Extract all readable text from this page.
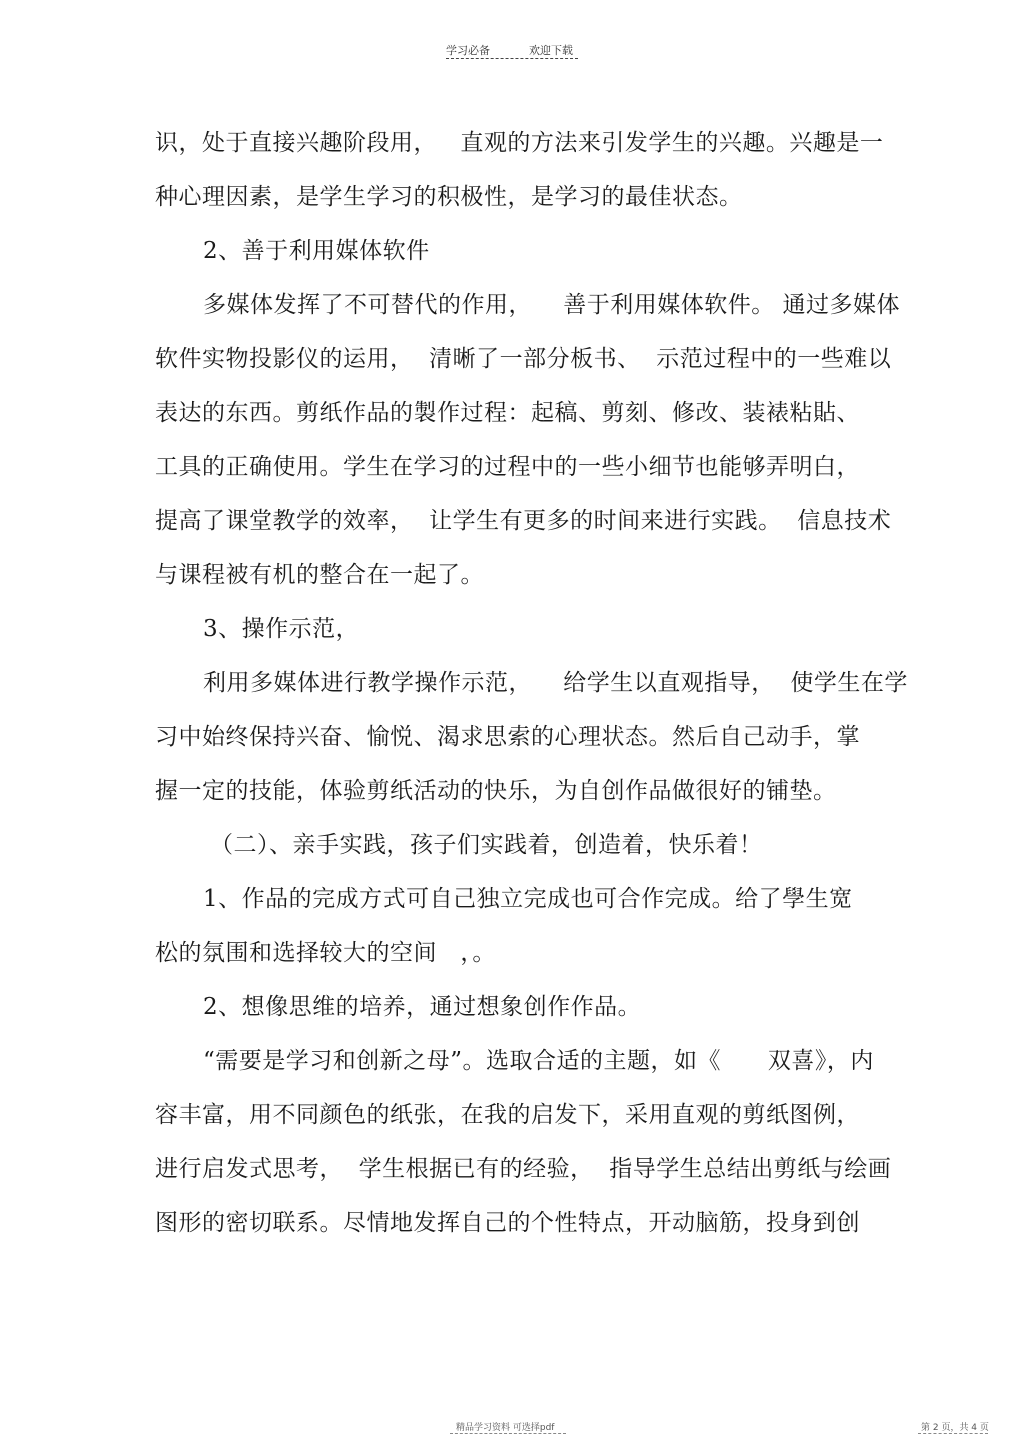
学习必备	欢迎下载
识，处于直接兴趣阶段用，   直观的方法来引发学生的兴趣。兴趣是一
种心理因素，是学生学习的积极性，是学习的最佳状态。
2、善于利用媒体软件
多媒体发挥了不可替代的作用，    善于利用媒体软件。 通过多媒体
软件实物投影仪的运用，  清晰了一部分板书、  示范过程中的一些难以
表达的东西。剪纸作品的製作过程：起稿、剪刻、修改、装裱粘貼、
工具的正确使用。学生在学习的过程中的一些小细节也能够弄明白，
提高了课堂教学的效率，  让学生有更多的时间来进行实践。  信息技术
与课程被有机的整合在一起了。
3、操作示范，
利用多媒体进行教学操作示范，    给学生以直观指导，  使学生在学
习中始终保持兴奋、愉悦、渴求思索的心理状态。然后自己动手，掌
握一定的技能，体验剪纸活动的快乐，为自创作品做很好的铺垫。
（二）、亲手实践，孩子们实践着，创造着，快乐着！
1、作品的完成方式可自己独立完成也可合作完成。给了學生宽
松的氛围和选择较大的空间   ，。
2、想像思维的培养，通过想象创作作品。
“需要是学习和创新之母”。选取合适的主题，如《      双喜》，内
容丰富，用不同颜色的纸张，在我的启发下，采用直观的剪纸图例，
进行启发式思考，  学生根据已有的经验，  指导学生总结出剪纸与绘画
图形的密切联系。尽情地发挥自己的个性特点，开动脑筋，投身到创
精品学习资料 可选择pdf	第 2 页，共 4 页
